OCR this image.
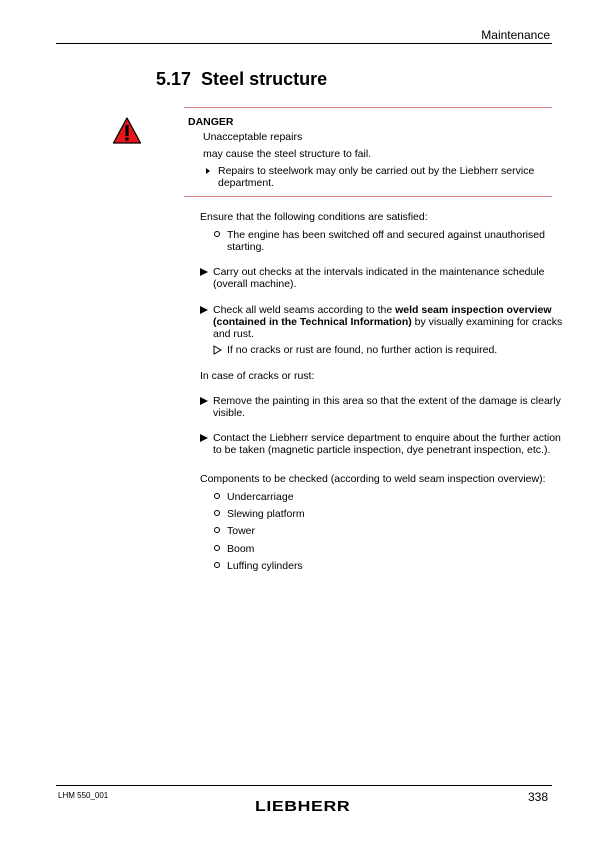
Maintenance
5.17 Steel structure
DANGER
Unacceptable repairs
may cause the steel structure to fail.
Repairs to steelwork may only be carried out by the Liebherr service
department.
Ensure that the following conditions are satisfied:
The engine has been switched off and secured against unauthorised
starting.
Carry out checks at the intervals indicated in the maintenance schedule
(overall machine).
Check all weld seams according to the weld seam inspection overview
(contained in the Technical Information) by visually examining for cracks
and rust.
If no cracks or rust are found, no further action is required.
In case of cracks or rust:
Remove the painting in this area so that the extent of the damage is clearly
visible.
Contact the Liebherr service department to enquire about the further action
to be taken (magnetic particle inspection, dye penetrant inspection, etc.).
Components to be checked (according to weld seam inspection overview):
Undercarriage
Slewing platform
Tower
Boom
Luffing cylinders
LHM 550_001	338
LIEBHERR
